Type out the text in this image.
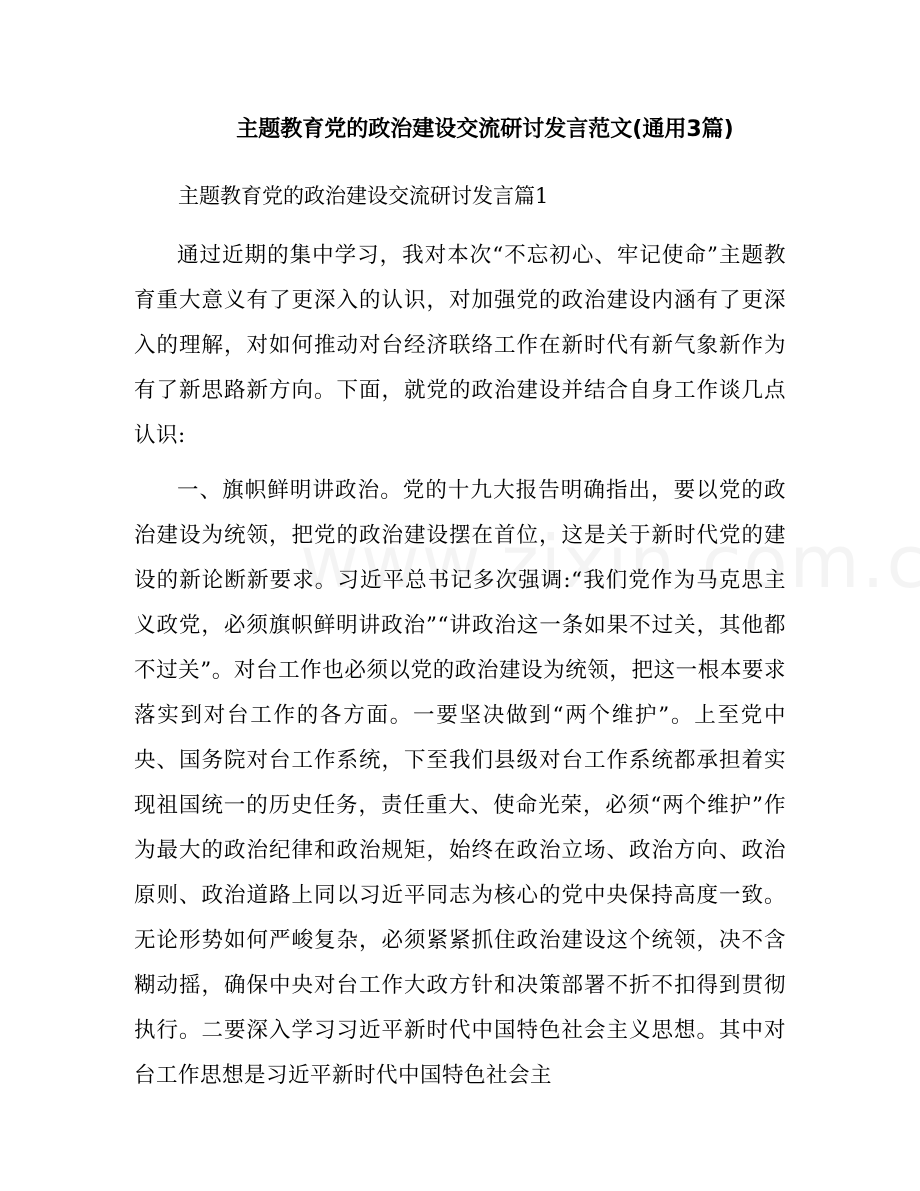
主题教育党的政治建设交流研讨发言范文(通用3篇)

主题教育党的政治建设交流研讨发言篇1

通过近期的集中学习，我对本次“不忘初心、牢记使命”主题教育重大意义有了更深入的认识，对加强党的政治建设内涵有了更深入的理解，对如何推动对台经济联络工作在新时代有新气象新作为有了新思路新方向。下面，就党的政治建设并结合自身工作谈几点认识:

一、旗帜鲜明讲政治。党的十九大报告明确指出，要以党的政治建设为统领，把党的政治建设摆在首位，这是关于新时代党的建设的新论断新要求。习近平总书记多次强调:“我们党作为马克思主义政党，必须旗帜鲜明讲政治”“讲政治这一条如果不过关，其他都不过关”。对台工作也必须以党的政治建设为统领，把这一根本要求落实到对台工作的各方面。一要坚决做到“两个维护”。上至党中央、国务院对台工作系统，下至我们县级对台工作系统都承担着实现祖国统一的历史任务，责任重大、使命光荣，必须“两个维护”作为最大的政治纪律和政治规矩，始终在政治立场、政治方向、政治原则、政治道路上同以习近平同志为核心的党中央保持高度一致。无论形势如何严峻复杂，必须紧紧抓住政治建设这个统领，决不含糊动摇，确保中央对台工作大政方针和决策部署不折不扣得到贯彻执行。二要深入学习习近平新时代中国特色社会主义思想。其中对台工作思想是习近平新时代中国特色社会主
